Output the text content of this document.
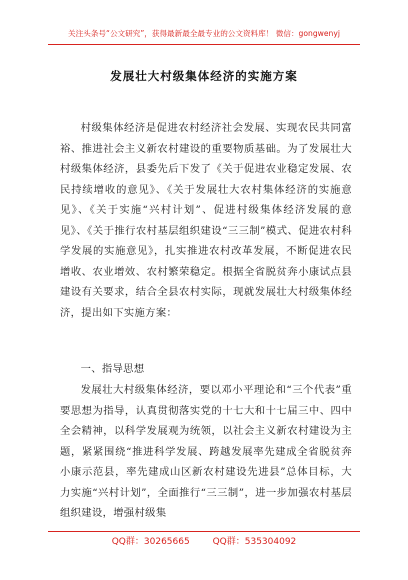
关注头条号“公文研究”，获得最新最全最专业的公文资料库！ 微信：gongwenyj
发展壮大村级集体经济的实施方案

村级集体经济是促进农村经济社会发展、实现农民共同富裕、推进社会主义新农村建设的重要物质基础。为了发展壮大村级集体经济，县委先后下发了《关于促进农业稳定发展、农民持续增收的意见》、《关于发展壮大农村集体经济的实施意见》、《关于实施“兴村计划”、促进村级集体经济发展的意见》、《关于推行农村基层组织建设“三三制”模式、促进农村科学发展的实施意见》，扎实推进农村改革发展，不断促进农民增收、农业增效、农村繁荣稳定。根据全省脱贫奔小康试点县建设有关要求，结合全县农村实际，现就发展壮大村级集体经济，提出如下实施方案：

一、指导思想

发展壮大村级集体经济，要以邓小平理论和“三个代表”重要思想为指导，认真贯彻落实党的十七大和十七届三中、四中全会精神，以科学发展观为统领，以社会主义新农村建设为主题，紧紧围绕“推进科学发展、跨越发展率先建成全省脱贫奔小康示范县，率先建成山区新农村建设先进县”总体目标，大力实施“兴村计划”，全面推行“三三制”，进一步加强农村基层组织建设，增强村级集

QQ群：30265665	QQ群：535304092
